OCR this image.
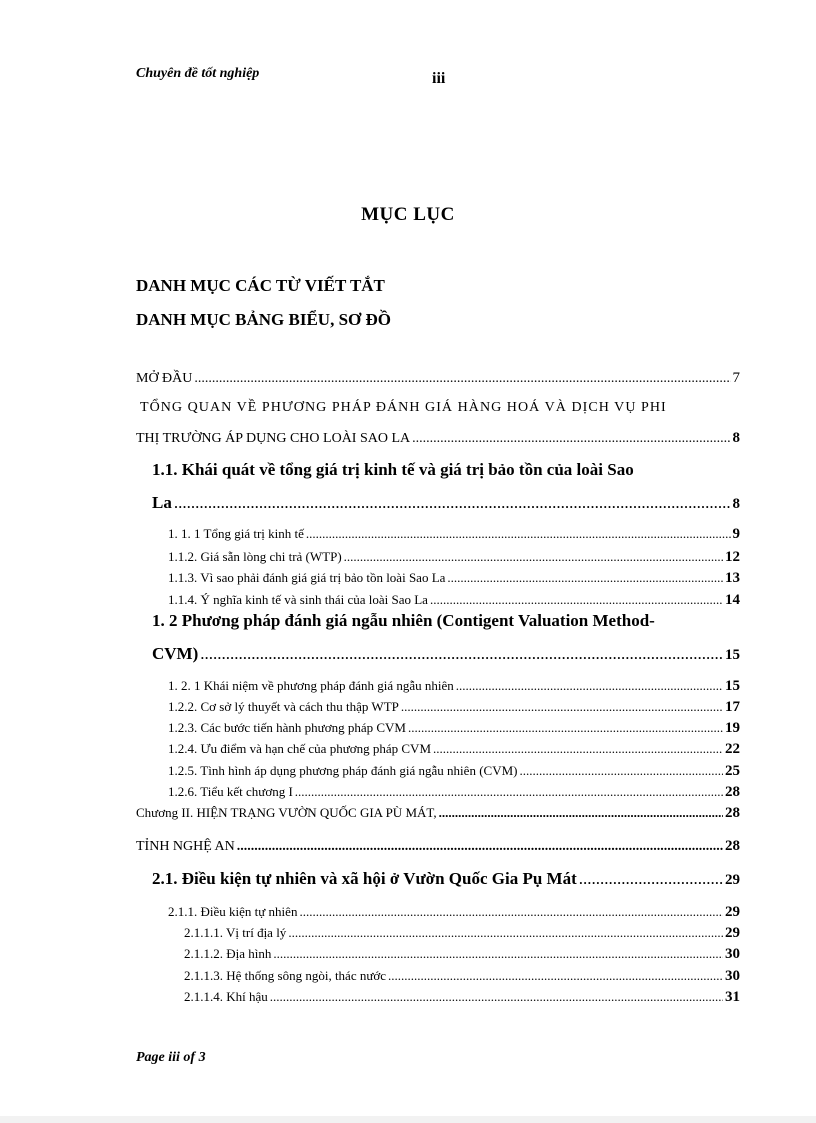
Chuyên đề tốt nghiệp	iii
MỤC LỤC
DANH MỤC CÁC TỪ VIẾT TẮT
DANH MỤC BẢNG BIỂU, SƠ ĐỒ
MỞ ĐẦU .....	7
TỔNG QUAN VỀ PHƯƠNG PHÁP ĐÁNH GIÁ HÀNG HOÁ VÀ DỊCH VỤ PHI
THỊ TRƯỜNG ÁP DỤNG CHO LOÀI SAO LA .....	8
1.1. Khái quát về tổng giá trị kinh tế và giá trị bảo tồn của loài Sao
La .....	8
1. 1. 1 Tổng giá trị kinh tế .....	9
1.1.2. Giá sẵn lòng chi trả (WTP) .....	12
1.1.3. Vì sao phải đánh giá giá trị bảo tồn loài Sao La .....	13
1.1.4. Ý nghĩa kinh tế và sinh thái của loài Sao La .....	14
1. 2 Phương pháp đánh giá ngẫu nhiên (Contigent Valuation Method-
CVM) .....	15
1. 2. 1 Khái niệm về phương pháp đánh giá ngẫu nhiên .....	15
1.2.2. Cơ sở lý thuyết và cách thu thập WTP .....	17
1.2.3. Các bước tiến hành phương pháp CVM .....	19
1.2.4. Ưu điểm và hạn chế của phương pháp CVM .....	22
1.2.5. Tình hình áp dụng phương pháp đánh giá ngẫu nhiên (CVM) .....	25
1.2.6. Tiểu kết chương I .....	28
Chương II. HIỆN TRẠNG VƯỜN QUỐC GIA PÙ MÁT, .....	28
TỈNH NGHỆ AN .....	28
2.1. Điều kiện tự nhiên và xã hội ở Vườn Quốc Gia Pụ Mát .....	29
2.1.1. Điều kiện tự nhiên .....	29
2.1.1.1. Vị trí địa lý .....	29
2.1.1.2. Địa hình .....	30
2.1.1.3. Hệ thống sông ngòi, thác nước .....	30
2.1.1.4. Khí hậu .....	31
Page iii of 3
